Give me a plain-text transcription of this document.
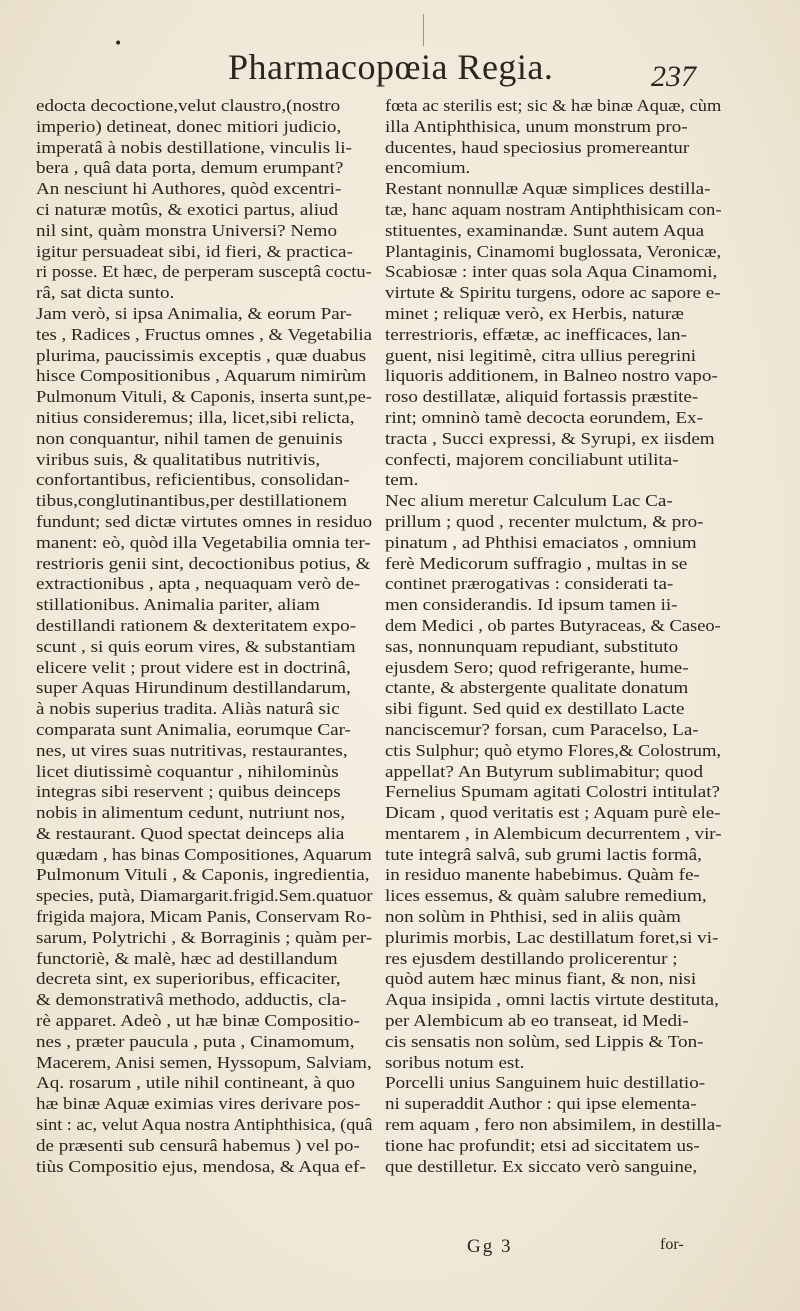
•
Pharmacopœia Regia.	237
edocta decoctione,velut claustro,(nostro
imperio) detineat, donec mitiori judicio,
imperatâ à nobis destillatione, vinculis li-
bera , quâ data porta, demum erumpant?
An nesciunt hi Authores, quòd excentri-
ci naturæ motûs, & exotici partus, aliud
nil sint, quàm monstra Universi? Nemo
igitur persuadeat sibi, id fieri, & practica-
ri posse. Et hæc, de perperam susceptâ coctu-
râ, sat dicta sunto.
Jam verò, si ipsa Animalia, & eorum Par-
tes , Radices , Fructus omnes , & Vegetabilia
plurima, paucissimis exceptis , quæ duabus
hisce Compositionibus , Aquarum nimirùm
Pulmonum Vituli, & Caponis, inserta sunt,pe-
nitius consideremus; illa, licet,sibi relicta,
non conquantur, nihil tamen de genuinis
viribus suis, & qualitatibus nutritivis,
confortantibus, reficientibus, consolidan-
tibus,conglutinantibus,per destillationem
fundunt; sed dictæ virtutes omnes in residuo
manent: eò, quòd illa Vegetabilia omnia ter-
restrioris genii sint, decoctionibus potius, &
extractionibus , apta , nequaquam verò de-
stillationibus. Animalia pariter, aliam
destillandi rationem & dexteritatem expo-
scunt , si quis eorum vires, & substantiam
elicere velit ; prout videre est in doctrinâ,
super Aquas Hirundinum destillandarum,
à nobis superius tradita. Aliàs naturâ sic
comparata sunt Animalia, eorumque Car-
nes, ut vires suas nutritivas, restaurantes,
licet diutissimè coquantur , nihilominùs
integras sibi reservent ; quibus deinceps
nobis in alimentum cedunt, nutriunt nos,
& restaurant. Quod spectat deinceps alia
quædam , has binas Compositiones, Aquarum
Pulmonum Vituli , & Caponis, ingredientia,
species, putà, Diamargarit.frigid.Sem.quatuor
frigida majora, Micam Panis, Conservam Ro-
sarum, Polytrichi , & Borraginis ; quàm per-
functoriè, & malè, hæc ad destillandum
decreta sint, ex superioribus, efficaciter,
& demonstrativâ methodo, adductis, cla-
rè apparet. Adeò , ut hæ binæ Compositio-
nes , præter paucula , puta , Cinamomum,
Macerem, Anisi semen, Hyssopum, Salviam,
Aq. rosarum , utile nihil contineant, à quo
hæ binæ Aquæ eximias vires derivare pos-
sint : ac, velut Aqua nostra Antiphthisica, (quâ
de præsenti sub censurâ habemus ) vel po-
tiùs Compositio ejus, mendosa, & Aqua ef-
fœta ac sterilis est; sic & hæ binæ Aquæ, cùm
illa Antiphthisica, unum monstrum pro-
ducentes, haud speciosius promereantur
encomium.
Restant nonnullæ Aquæ simplices destilla-
tæ, hanc aquam nostram Antiphthisicam con-
stituentes, examinandæ. Sunt autem Aqua
Plantaginis, Cinamomi buglossata, Veronicæ,
Scabiosæ : inter quas sola Aqua Cinamomi,
virtute & Spiritu turgens, odore ac sapore e-
minet ; reliquæ verò, ex Herbis, naturæ
terrestrioris, effætæ, ac inefficaces, lan-
guent, nisi legitimè, citra ullius peregrini
liquoris additionem, in Balneo nostro vapo-
roso destillatæ, aliquid fortassis præstite-
rint; omninò tamè decocta eorundem, Ex-
tracta , Succi expressi, & Syrupi, ex iisdem
confecti, majorem conciliabunt utilita-
tem.
Nec alium meretur Calculum Lac Ca-
prillum ; quod , recenter mulctum, & pro-
pinatum , ad Phthisi emaciatos , omnium
ferè Medicorum suffragio , multas in se
continet prærogativas : considerati ta-
men considerandis. Id ipsum tamen ii-
dem Medici , ob partes Butyraceas, & Caseo-
sas, nonnunquam repudiant, substituto
ejusdem Sero; quod refrigerante, hume-
ctante, & abstergente qualitate donatum
sibi figunt. Sed quid ex destillato Lacte
nanciscemur? forsan, cum Paracelso, La-
ctis Sulphur; quò etymo Flores,& Colostrum,
appellat? An Butyrum sublimabitur; quod
Fernelius Spumam agitati Colostri intitulat?
Dicam , quod veritatis est ; Aquam purè ele-
mentarem , in Alembicum decurrentem , vir-
tute integrâ salvâ, sub grumi lactis formâ,
in residuo manente habebimus. Quàm fe-
lices essemus, & quàm salubre remedium,
non solùm in Phthisi, sed in aliis quàm
plurimis morbis, Lac destillatum foret,si vi-
res ejusdem destillando prolicerentur ;
quòd autem hæc minus fiant, & non, nisi
Aqua insipida , omni lactis virtute destituta,
per Alembicum ab eo transeat, id Medi-
cis sensatis non solùm, sed Lippis & Ton-
soribus notum est.
Porcelli unius Sanguinem huic destillatio-
ni superaddit Author : qui ipse elementa-
rem aquam , fero non absimilem, in destilla-
tione hac profundit; etsi ad siccitatem us-
que destilletur. Ex siccato verò sanguine,
Gg 3	for-
